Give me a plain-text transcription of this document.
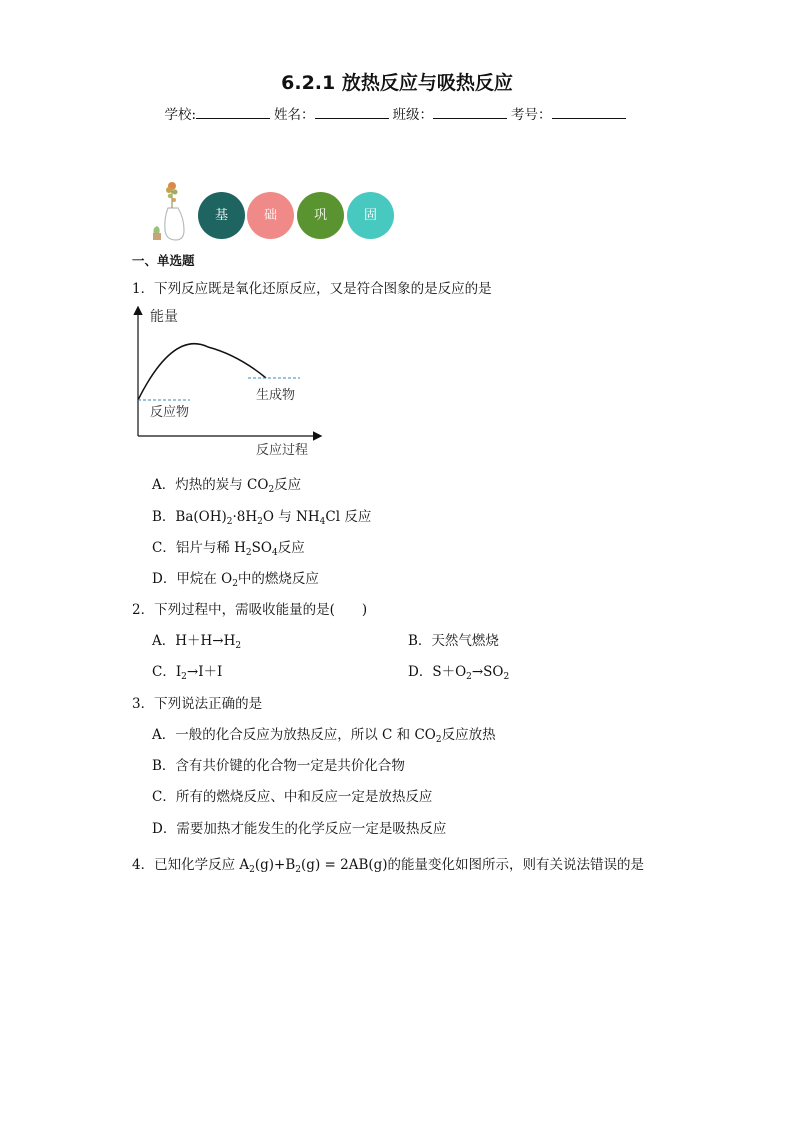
6.2.1 放热反应与吸热反应
学校:	姓名：	班级：	考号：
基	础	巩	固
一、单选题
1．下列反应既是氧化还原反应，又是符合图象的是反应的是
能量
反应物
生成物
反应过程
A．灼热的炭与 $CO_2$反应
B．$Ba(OH)_2\cdot 8H_2O$ 与 $NH_4Cl$ 反应
C．铝片与稀 $H_2SO_4$反应
D．甲烷在 $O_2$中的燃烧反应
2．下列过程中，需吸收能量的是(　　)
A．$H+H\to H_2$	B．天然气燃烧
C．$I_2\to I+I$	D．$S+O_2\to SO_2$
3．下列说法正确的是
A．一般的化合反应为放热反应，所以 C 和 $CO_2$反应放热
B．含有共价键的化合物一定是共价化合物
C．所有的燃烧反应、中和反应一定是放热反应
D．需要加热才能发生的化学反应一定是吸热反应
4．已知化学反应 $A_2(g)+B_2(g) = 2AB(g)$的能量变化如图所示，则有关说法错误的是
